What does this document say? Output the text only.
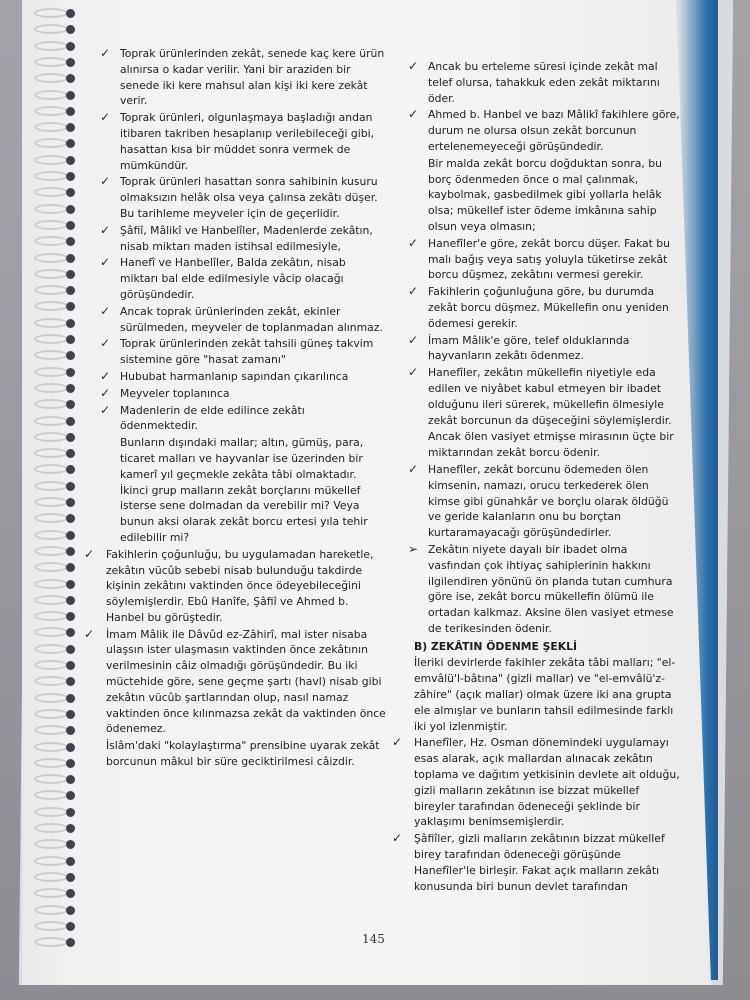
✓ Toprak ürünlerinden zekât, senede kaç kere ürün alınırsa o kadar verilir. Yani bir araziden bir senede iki kere mahsul alan kişi iki kere zekât verir.
✓ Toprak ürünleri, olgunlaşmaya başladığı andan itibaren takriben hesaplanıp verilebileceği gibi, hasattan kısa bir müddet sonra vermek de mümkündür.
✓ Toprak ürünleri hasattan sonra sahibinin kusuru olmaksızın helâk olsa veya çalınsa zekâtı düşer. Bu tarihleme meyveler için de geçerlidir.
✓ Şâfiî, Mâlikî ve Hanbelîler, Madenlerde zekâtın, nisab miktarı maden istihsal edilmesiyle,
✓ Hanefî ve Hanbelîler, Balda zekâtın, nisab miktarı bal elde edilmesiyle vâcip olacağı görüşündedir.
✓ Ancak toprak ürünlerinden zekât, ekinler sürülmeden, meyveler de toplanmadan alınmaz.
✓ Toprak ürünlerinden zekât tahsili güneş takvim sistemine göre "hasat zamanı"
✓ Hububat harmanlanıp sapından çıkarılınca
✓ Meyveler toplanınca
✓ Madenlerin de elde edilince zekâtı ödenmektedir.
Bunların dışındaki mallar; altın, gümüş, para, ticaret malları ve hayvanlar ise üzerinden bir kamerî yıl geçmekle zekâta tâbi olmaktadır. İkinci grup malların zekât borçlarını mükellef isterse sene dolmadan da verebilir mi? Veya bunun aksi olarak zekât borcu ertesi yıla tehir edilebilir mi?
✓ Fakihlerin çoğunluğu, bu uygulamadan hareketle, zekâtın vücûb sebebi nisab bulunduğu takdirde kişinin zekâtını vaktinden önce ödeyebileceğini söylemişlerdir. Ebû Hanîfe, Şâfiî ve Ahmed b. Hanbel bu görüştedir.
✓ İmam Mâlik ile Dâvûd ez-Zâhirî, mal ister nisaba ulaşsın ister ulaşmasın vaktinden önce zekâtının verilmesinin câiz olmadığı görüşündedir. Bu iki müctehide göre, sene geçme şartı (havl) nisab gibi zekâtın vücûb şartlarından olup, nasıl namaz vaktinden önce kılınmazsa zekât da vaktinden önce ödenemez.
İslâm'daki "kolaylaştırma" prensibine uyarak zekât borcunun mâkul bir süre geciktirilmesi câizdir.
✓ Ancak bu erteleme süresi içinde zekât mal telef olursa, tahakkuk eden zekât miktarını öder.
✓ Ahmed b. Hanbel ve bazı Mâlikî fakihlere göre, durum ne olursa olsun zekât borcunun ertelenemeyeceği görüşündedir.
Bir malda zekât borcu doğduktan sonra, bu borç ödenmeden önce o mal çalınmak, kaybolmak, gasbedilmek gibi yollarla helâk olsa; mükellef ister ödeme imkânına sahip olsun veya olmasın;
✓ Hanefîler'e göre, zekât borcu düşer. Fakat bu malı bağış veya satış yoluyla tüketirse zekât borcu düşmez, zekâtını vermesi gerekir.
✓ Fakihlerin çoğunluğuna göre, bu durumda zekât borcu düşmez. Mükellefin onu yeniden ödemesi gerekir.
✓ İmam Mâlik'e göre, telef olduklarında hayvanların zekâtı ödenmez.
✓ Hanefîler, zekâtın mükellefin niyetiyle eda edilen ve niyâbet kabul etmeyen bir ibadet olduğunu ileri sürerek, mükellefin ölmesiyle zekât borcunun da düşeceğini söylemişlerdir.
Ancak ölen vasiyet etmişse mirasının üçte bir miktarından zekât borcu ödenir.
✓ Hanefîler, zekât borcunu ödemeden ölen kimsenin, namazı, orucu terkederek ölen kimse gibi günahkâr ve borçlu olarak öldüğü ve geride kalanların onu bu borçtan kurtaramayacağı görüşündedirler.
➢ Zekâtın niyete dayalı bir ibadet olma vasfından çok ihtiyaç sahiplerinin hakkını ilgilendiren yönünü ön planda tutan cumhura göre ise, zekât borcu mükellefin ölümü ile ortadan kalkmaz. Aksine ölen vasiyet etmese de terikesinden ödenir.
B) ZEKÂTIN ÖDENME ŞEKLİ
İleriki devirlerde fakihler zekâta tâbi malları; "el-emvâlü'l-bâtına" (gizli mallar) ve "el-emvâlü'z-zâhire" (açık mallar) olmak üzere iki ana grupta ele almışlar ve bunların tahsil edilmesinde farklı iki yol izlenmiştir.
✓ Hanefîler, Hz. Osman dönemindeki uygulamayı esas alarak, açık mallardan alınacak zekâtın toplama ve dağıtım yetkisinin devlete ait olduğu, gizli malların zekâtının ise bizzat mükellef bireyler tarafından ödeneceği şeklinde bir yaklaşımı benimsemişlerdir.
✓ Şâfiîler, gizli malların zekâtının bizzat mükellef birey tarafından ödeneceği görüşünde Hanefîler'le birleşir. Fakat açık malların zekâtı konusunda biri bunun devlet tarafından
145
